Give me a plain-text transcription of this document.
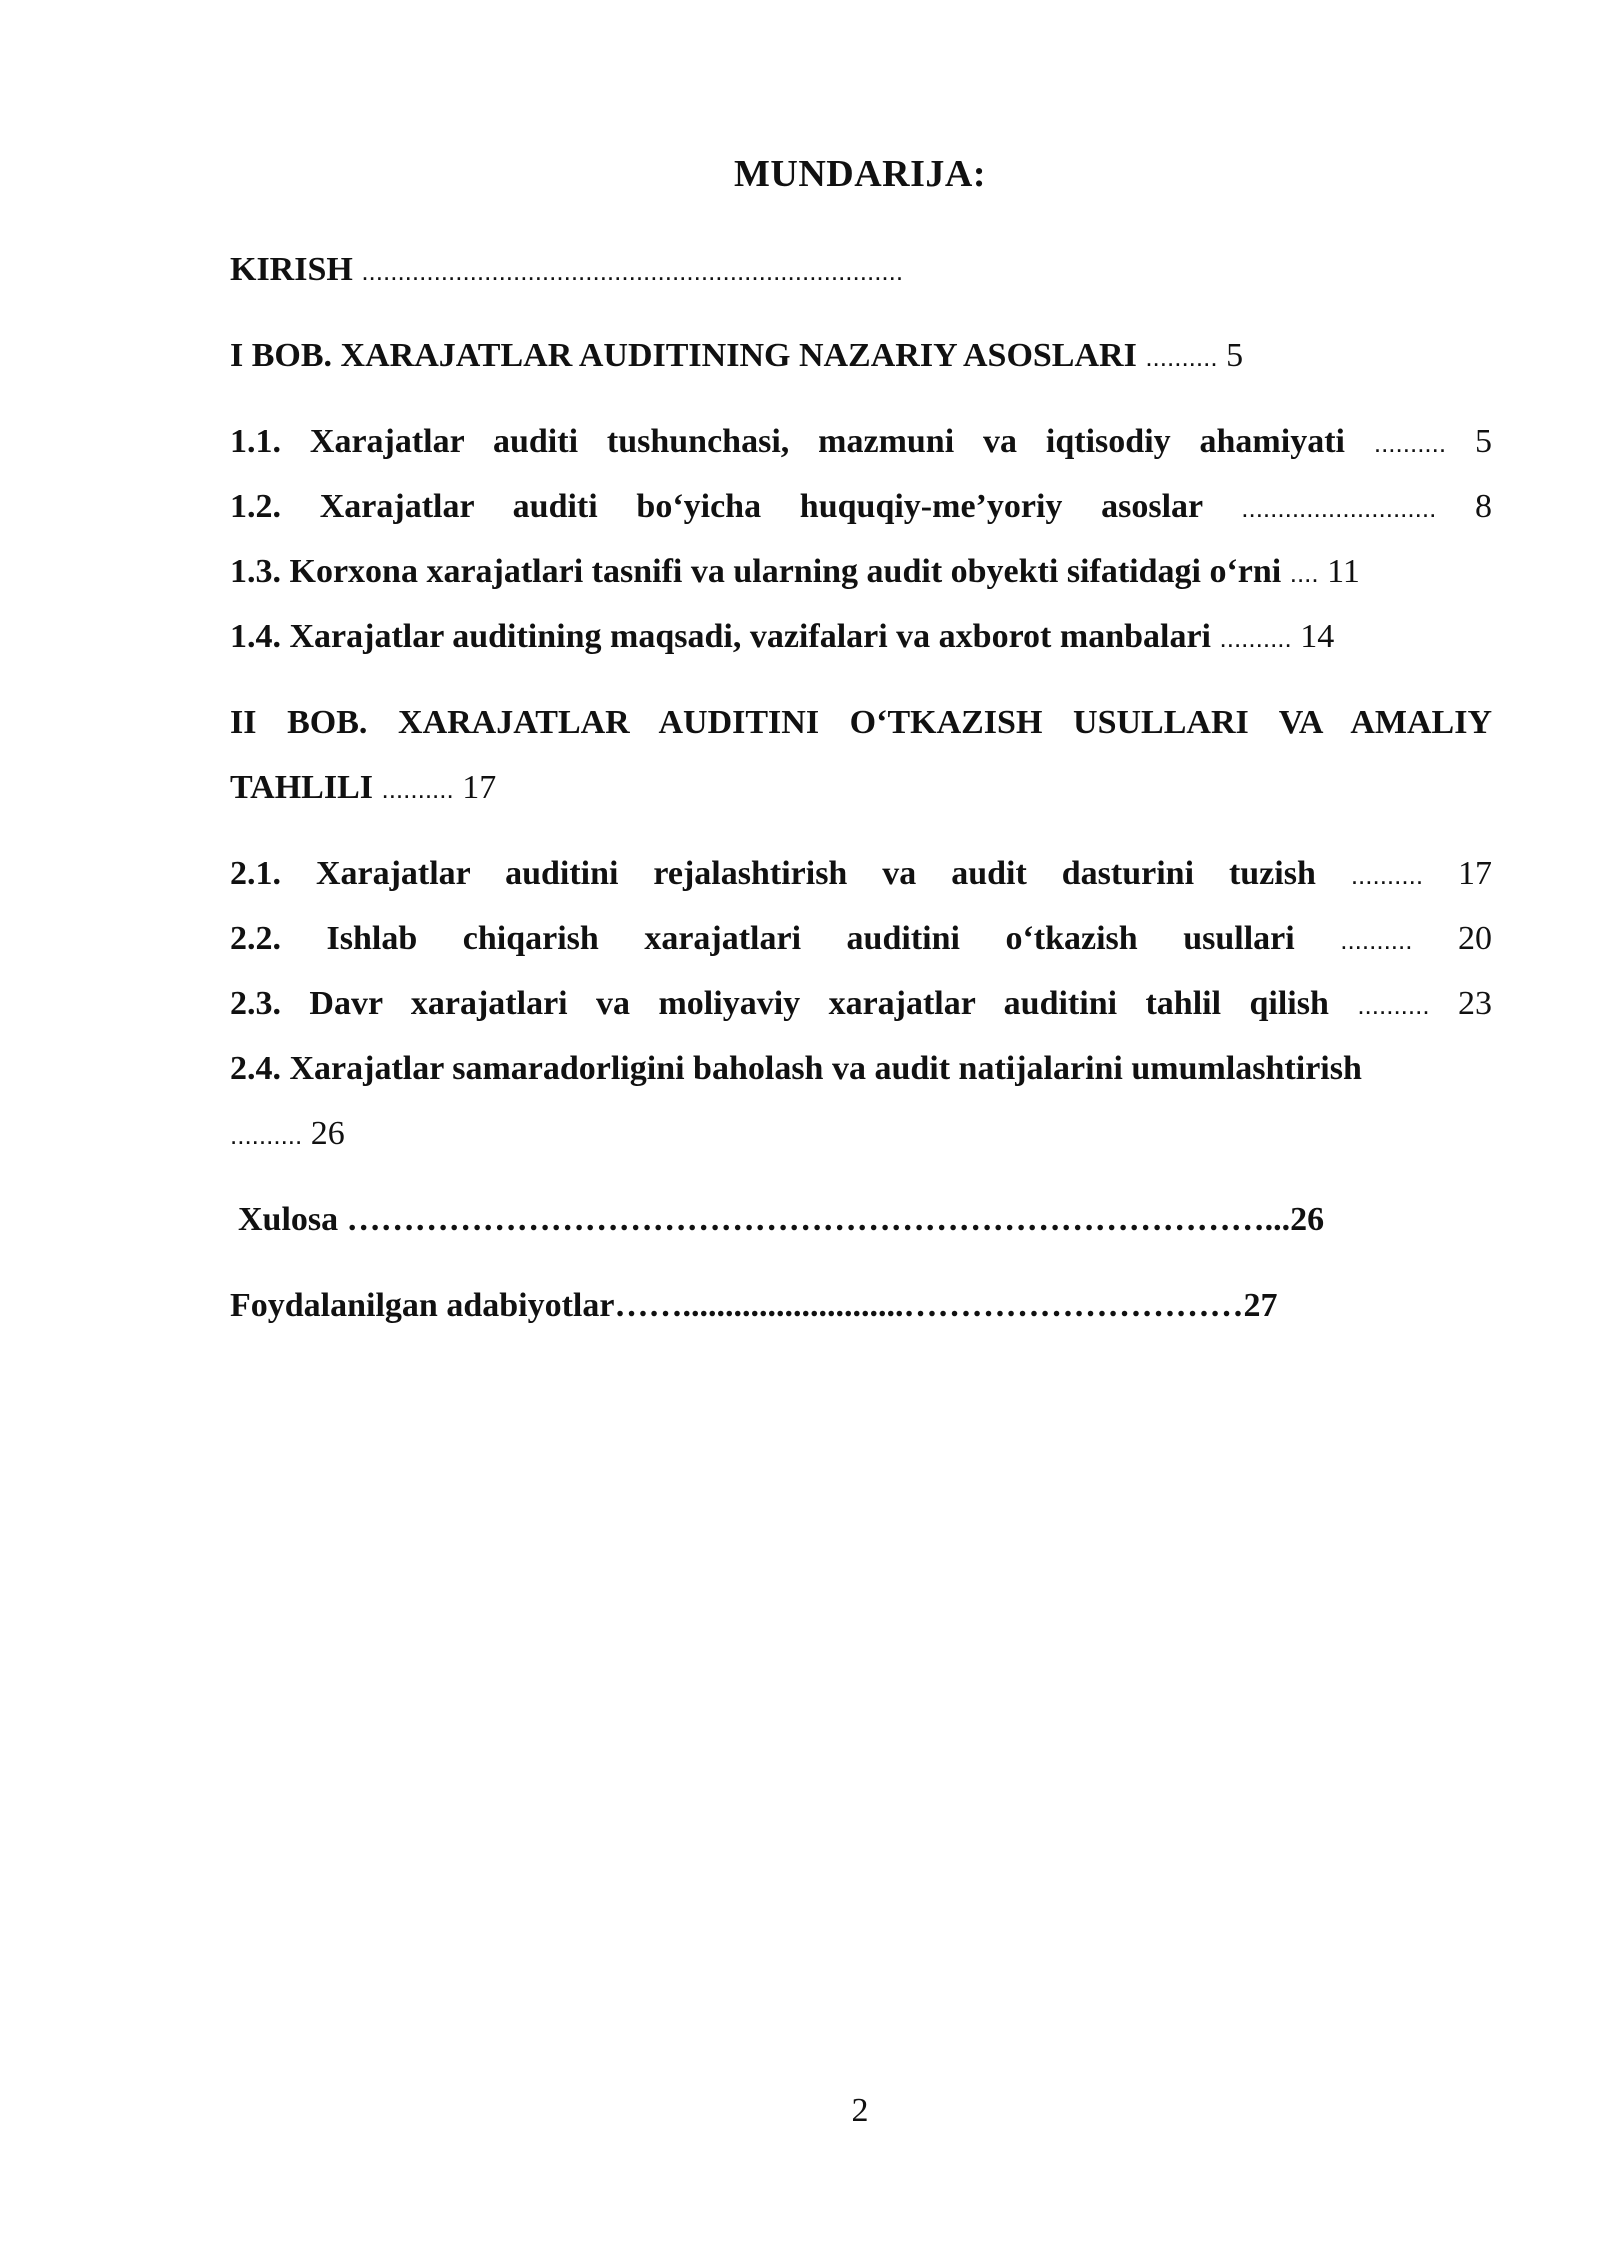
MUNDARIJA:
KIRISH ...........................................................................
I BOB. XARAJATLAR AUDITINING NAZARIY ASOSLARI .......... 5
1.1. Xarajatlar auditi tushunchasi, mazmuni va iqtisodiy ahamiyati .......... 5
1.2. Xarajatlar auditi bo‘yicha huquqiy-me’yoriy asoslar ........................... 8
1.3. Korxona xarajatlari tasnifi va ularning audit obyekti sifatidagi o‘rni .... 11
1.4. Xarajatlar auditining maqsadi, vazifalari va axborot manbalari .......... 14
II BOB. XARAJATLAR AUDITINI O‘TKAZISH USULLARI VA AMALIY
TAHLILI .......... 17
2.1. Xarajatlar auditini rejalashtirish va audit dasturini tuzish .......... 17
2.2. Ishlab chiqarish xarajatlari auditini o‘tkazish usullari .......... 20
2.3. Davr xarajatlari va moliyaviy xarajatlar auditini tahlil qilish .......... 23
2.4. Xarajatlar samaradorligini baholash va audit natijalarini umumlashtirish
.......... 26
Xulosa ………………………………………………………………………...26
Foydalanilgan adabiyotlar……..........................…………………………27
2
